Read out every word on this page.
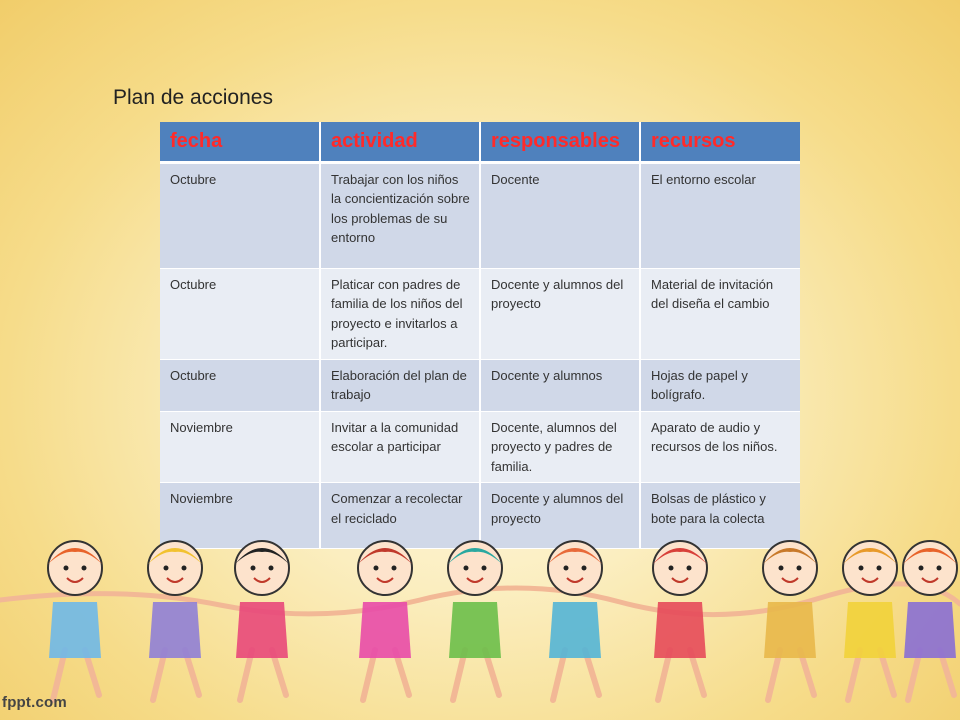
Plan de acciones
fecha	actividad	responsables	recursos
Octubre	Trabajar con los niños la concientización sobre los problemas de su entorno	Docente	El entorno escolar
Octubre	Platicar con padres de familia de los niños del proyecto e invitarlos a participar.	Docente y alumnos del proyecto	Material de invitación del diseña el cambio
Octubre	Elaboración del plan de trabajo	Docente y alumnos	Hojas de papel y bolígrafo.
Noviembre	Invitar a la comunidad escolar a participar	Docente, alumnos del proyecto y padres de familia.	Aparato de audio y recursos de los niños.
Noviembre	Comenzar a recolectar el reciclado	Docente y alumnos del proyecto	Bolsas de plástico y bote para la colecta
fppt.com
